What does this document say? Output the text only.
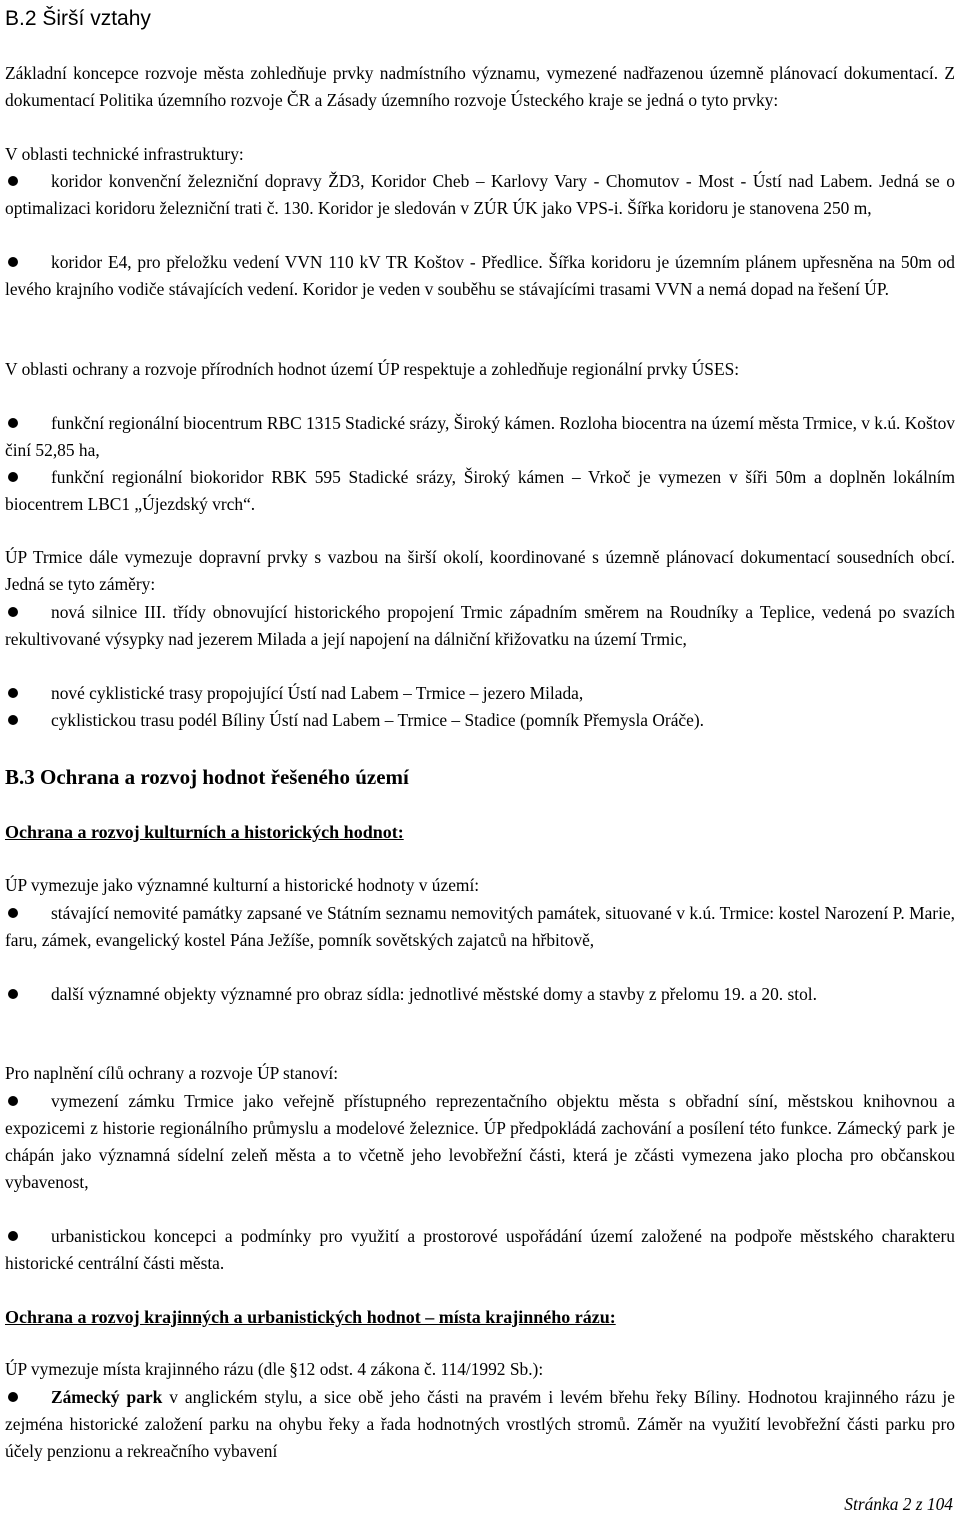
B.2 Širší vztahy

Základní koncepce rozvoje města zohledňuje prvky nadmístního významu, vymezené nadřazenou územně plánovací dokumentací. Z dokumentací Politika územního rozvoje ČR a Zásady územního rozvoje Ústeckého kraje se jedná o tyto prvky:

V oblasti technické infrastruktury:

koridor konvenční železniční dopravy ŽD3, Koridor Cheb – Karlovy Vary - Chomutov - Most - Ústí nad Labem. Jedná se o optimalizaci koridoru železniční trati č. 130. Koridor je sledován v ZÚR ÚK jako VPS-i. Šířka koridoru je stanovena 250 m,

koridor E4, pro přeložku vedení VVN 110 kV TR Koštov - Předlice. Šířka koridoru je územním plánem upřesněna na 50m od levého krajního vodiče stávajících vedení. Koridor je veden v souběhu se stávajícími trasami VVN a nemá dopad na řešení ÚP.

V oblasti ochrany a rozvoje přírodních hodnot území ÚP respektuje a zohledňuje regionální prvky ÚSES:

funkční regionální biocentrum RBC 1315 Stadické srázy, Široký kámen. Rozloha biocentra na území města Trmice, v k.ú. Koštov činí 52,85 ha,

funkční regionální biokoridor RBK 595 Stadické srázy, Široký kámen – Vrkoč je vymezen v šíři 50m a doplněn lokálním biocentrem LBC1 „Újezdský vrch“.

ÚP Trmice dále vymezuje dopravní prvky s vazbou na širší okolí, koordinované s územně plánovací dokumentací sousedních obcí. Jedná se tyto záměry:

nová silnice III. třídy obnovující historického propojení Trmic západním směrem na Roudníky a Teplice, vedená po svazích rekultivované výsypky nad jezerem Milada a její napojení na dálniční křižovatku na území Trmic,

nové cyklistické trasy propojující Ústí nad Labem – Trmice – jezero Milada,

cyklistickou trasu podél Bíliny Ústí nad Labem – Trmice – Stadice (pomník Přemysla Oráče).

B.3 Ochrana a rozvoj hodnot řešeného území
Ochrana a rozvoj kulturních a historických hodnot:

ÚP vymezuje jako významné kulturní a historické hodnoty v území:

stávající nemovité památky zapsané ve Státním seznamu nemovitých památek, situované v k.ú. Trmice: kostel Narození P. Marie, faru, zámek, evangelický kostel Pána Ježíše, pomník sovětských zajatců na hřbitově,

další významné objekty významné pro obraz sídla: jednotlivé městské domy a stavby z přelomu 19. a 20. stol.

Pro naplnění cílů ochrany a rozvoje ÚP stanoví:

vymezení zámku Trmice jako veřejně přístupného reprezentačního objektu města s obřadní síní, městskou knihovnou a expozicemi z historie regionálního průmyslu a modelové železnice. ÚP předpokládá zachování a posílení této funkce. Zámecký park je chápán jako významná sídelní zeleň města a to včetně jeho levobřežní části, která je zčásti vymezena jako plocha pro občanskou vybavenost,

urbanistickou koncepci a podmínky pro využití a prostorové uspořádání území založené na podpoře městského charakteru historické centrální části města.

Ochrana a rozvoj krajinných a urbanistických hodnot – místa krajinného rázu:

ÚP vymezuje místa krajinného rázu (dle §12 odst. 4 zákona č. 114/1992 Sb.):

Zámecký park v anglickém stylu, a sice obě jeho části na pravém i levém břehu řeky Bíliny. Hodnotou krajinného rázu je zejména historické založení parku na ohybu řeky a řada hodnotných vrostlých stromů. Záměr na využití levobřežní části parku pro účely penzionu a rekreačního vybavení

Stránka 2 z 104
